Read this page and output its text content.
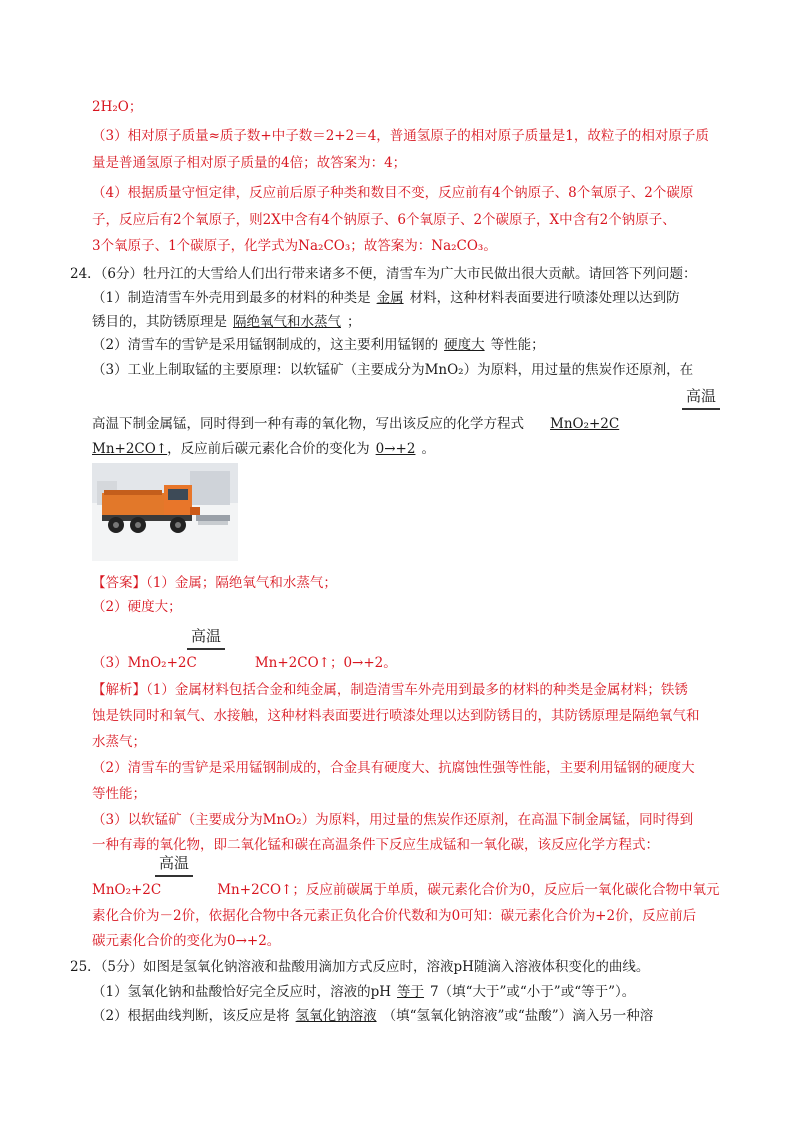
2H₂O；
（3）相对原子质量≈质子数+中子数＝2+2＝4，普通氢原子的相对原子质量是1，故粒子的相对原子质
量是普通氢原子相对原子质量的4倍；故答案为：4；
（4）根据质量守恒定律，反应前后原子种类和数目不变，反应前有4个钠原子、8个氧原子、2个碳原
子，反应后有2个氧原子，则2X中含有4个钠原子、6个氧原子、2个碳原子，X中含有2个钠原子、
3个氧原子、1个碳原子，化学式为Na₂CO₃；故答案为：Na₂CO₃。
24．（6分）牡丹江的大雪给人们出行带来诸多不便，清雪车为广大市民做出很大贡献。请回答下列问题：
（1）制造清雪车外壳用到最多的材料的种类是 金属 材料，这种材料表面要进行喷漆处理以达到防
锈目的，其防锈原理是 隔绝氧气和水蒸气 ；
（2）清雪车的雪铲是采用锰钢制成的，这主要利用锰钢的 硬度大 等性能；
（3）工业上制取锰的主要原理：以软锰矿（主要成分为MnO₂）为原料，用过量的焦炭作还原剂，在
高温
高温下制金属锰，同时得到一种有毒的氧化物，写出该反应的化学方程式 MnO₂+2C
Mn+2CO↑，反应前后碳元素化合价的变化为 0→+2 。
【答案】（1）金属；隔绝氧气和水蒸气；
（2）硬度大；
高温
（3）MnO₂+2C	Mn+2CO↑；0→+2。
【解析】（1）金属材料包括合金和纯金属，制造清雪车外壳用到最多的材料的种类是金属材料；铁锈
蚀是铁同时和氧气、水接触，这种材料表面要进行喷漆处理以达到防锈目的，其防锈原理是隔绝氧气和
水蒸气；
（2）清雪车的雪铲是采用锰钢制成的，合金具有硬度大、抗腐蚀性强等性能，主要利用锰钢的硬度大
等性能；
（3）以软锰矿（主要成分为MnO₂）为原料，用过量的焦炭作还原剂，在高温下制金属锰，同时得到
一种有毒的氧化物，即二氧化锰和碳在高温条件下反应生成锰和一氧化碳，该反应化学方程式：
高温
MnO₂+2C	Mn+2CO↑；反应前碳属于单质，碳元素化合价为0，反应后一氧化碳化合物中氧元
素化合价为－2价，依据化合物中各元素正负化合价代数和为0可知：碳元素化合价为+2价，反应前后
碳元素化合价的变化为0→+2。
25．（5分）如图是氢氧化钠溶液和盐酸用滴加方式反应时，溶液pH随滴入溶液体积变化的曲线。
（1）氢氧化钠和盐酸恰好完全反应时，溶液的pH 等于 7（填“大于”或“小于”或“等于”）。
（2）根据曲线判断，该反应是将 氢氧化钠溶液 （填“氢氧化钠溶液”或“盐酸”）滴入另一种溶
